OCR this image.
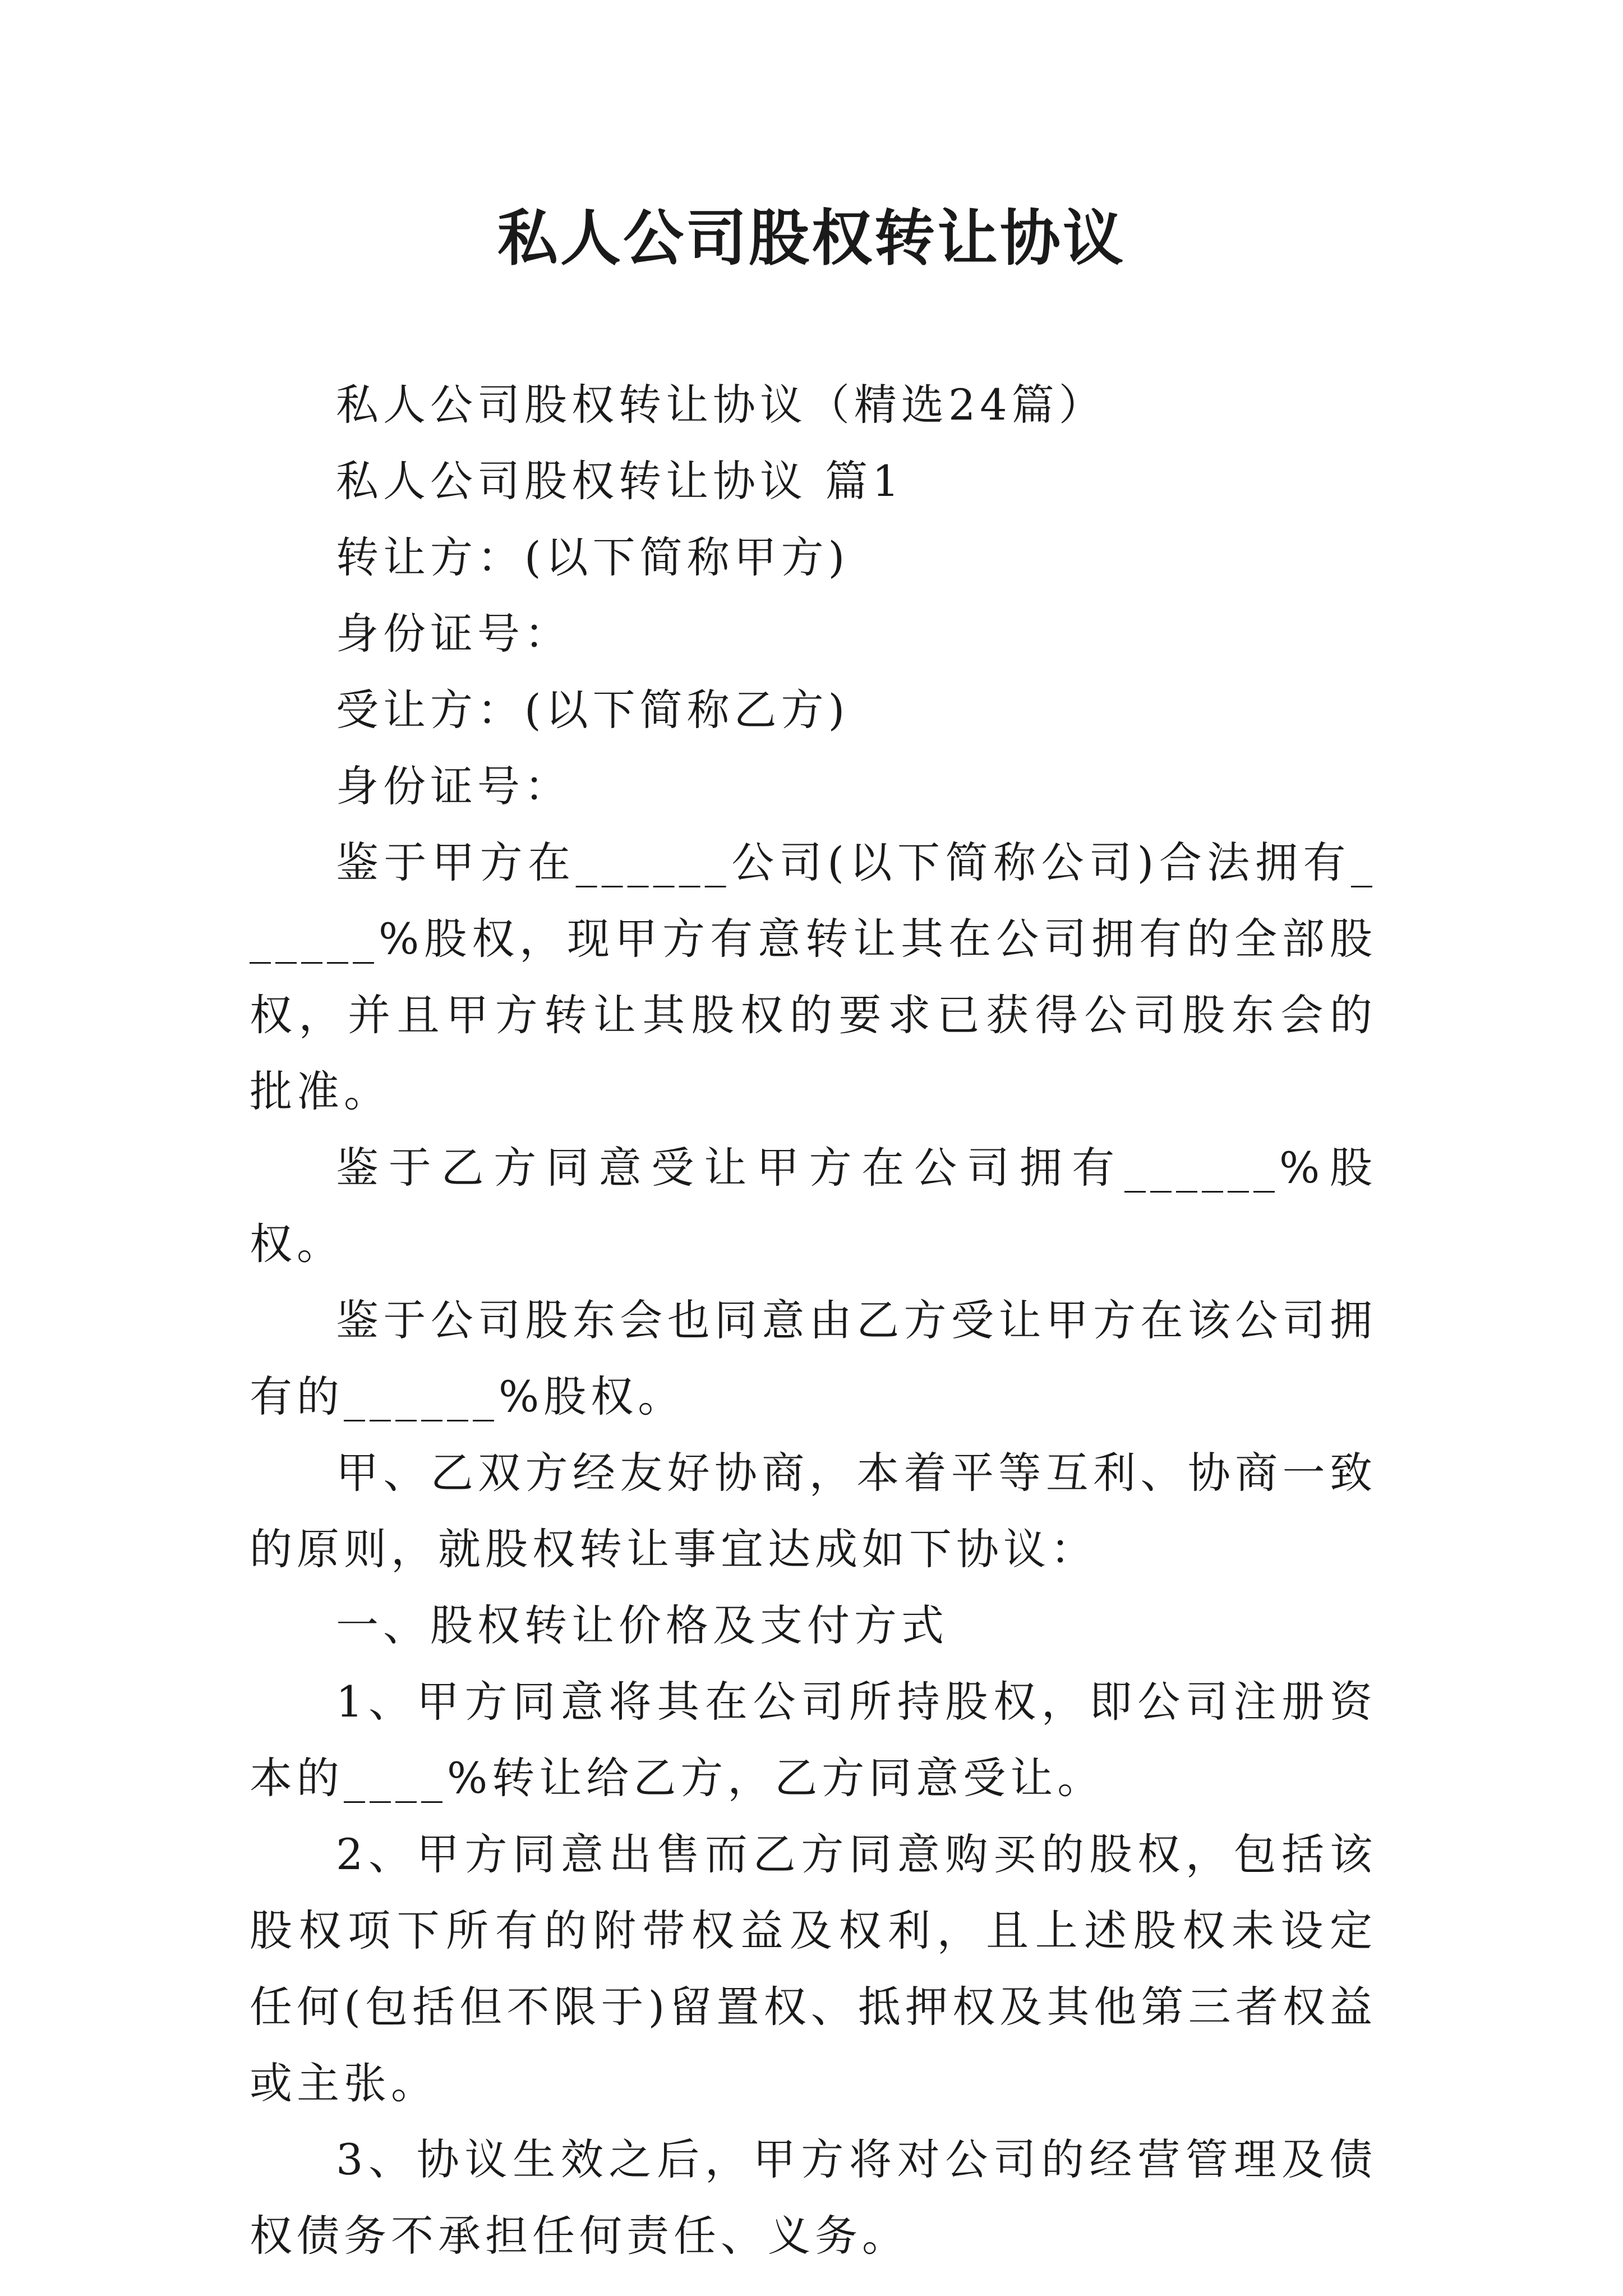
私人公司股权转让协议

私人公司股权转让协议（精选24篇）

私人公司股权转让协议 篇1

转让方：(以下简称甲方)

身份证号：

受让方：(以下简称乙方)

身份证号：

鉴于甲方在______公司(以下简称公司)合法拥有______%股权，现甲方有意转让其在公司拥有的全部股权，并且甲方转让其股权的要求已获得公司股东会的批准。

鉴于乙方同意受让甲方在公司拥有______%股权。

鉴于公司股东会也同意由乙方受让甲方在该公司拥有的______%股权。

甲、乙双方经友好协商，本着平等互利、协商一致的原则，就股权转让事宜达成如下协议：

一、股权转让价格及支付方式

1、甲方同意将其在公司所持股权，即公司注册资本的____%转让给乙方，乙方同意受让。

2、甲方同意出售而乙方同意购买的股权，包括该股权项下所有的附带权益及权利，且上述股权未设定任何(包括但不限于)留置权、抵押权及其他第三者权益或主张。

3、协议生效之后，甲方将对公司的经营管理及债权债务不承担任何责任、义务。
